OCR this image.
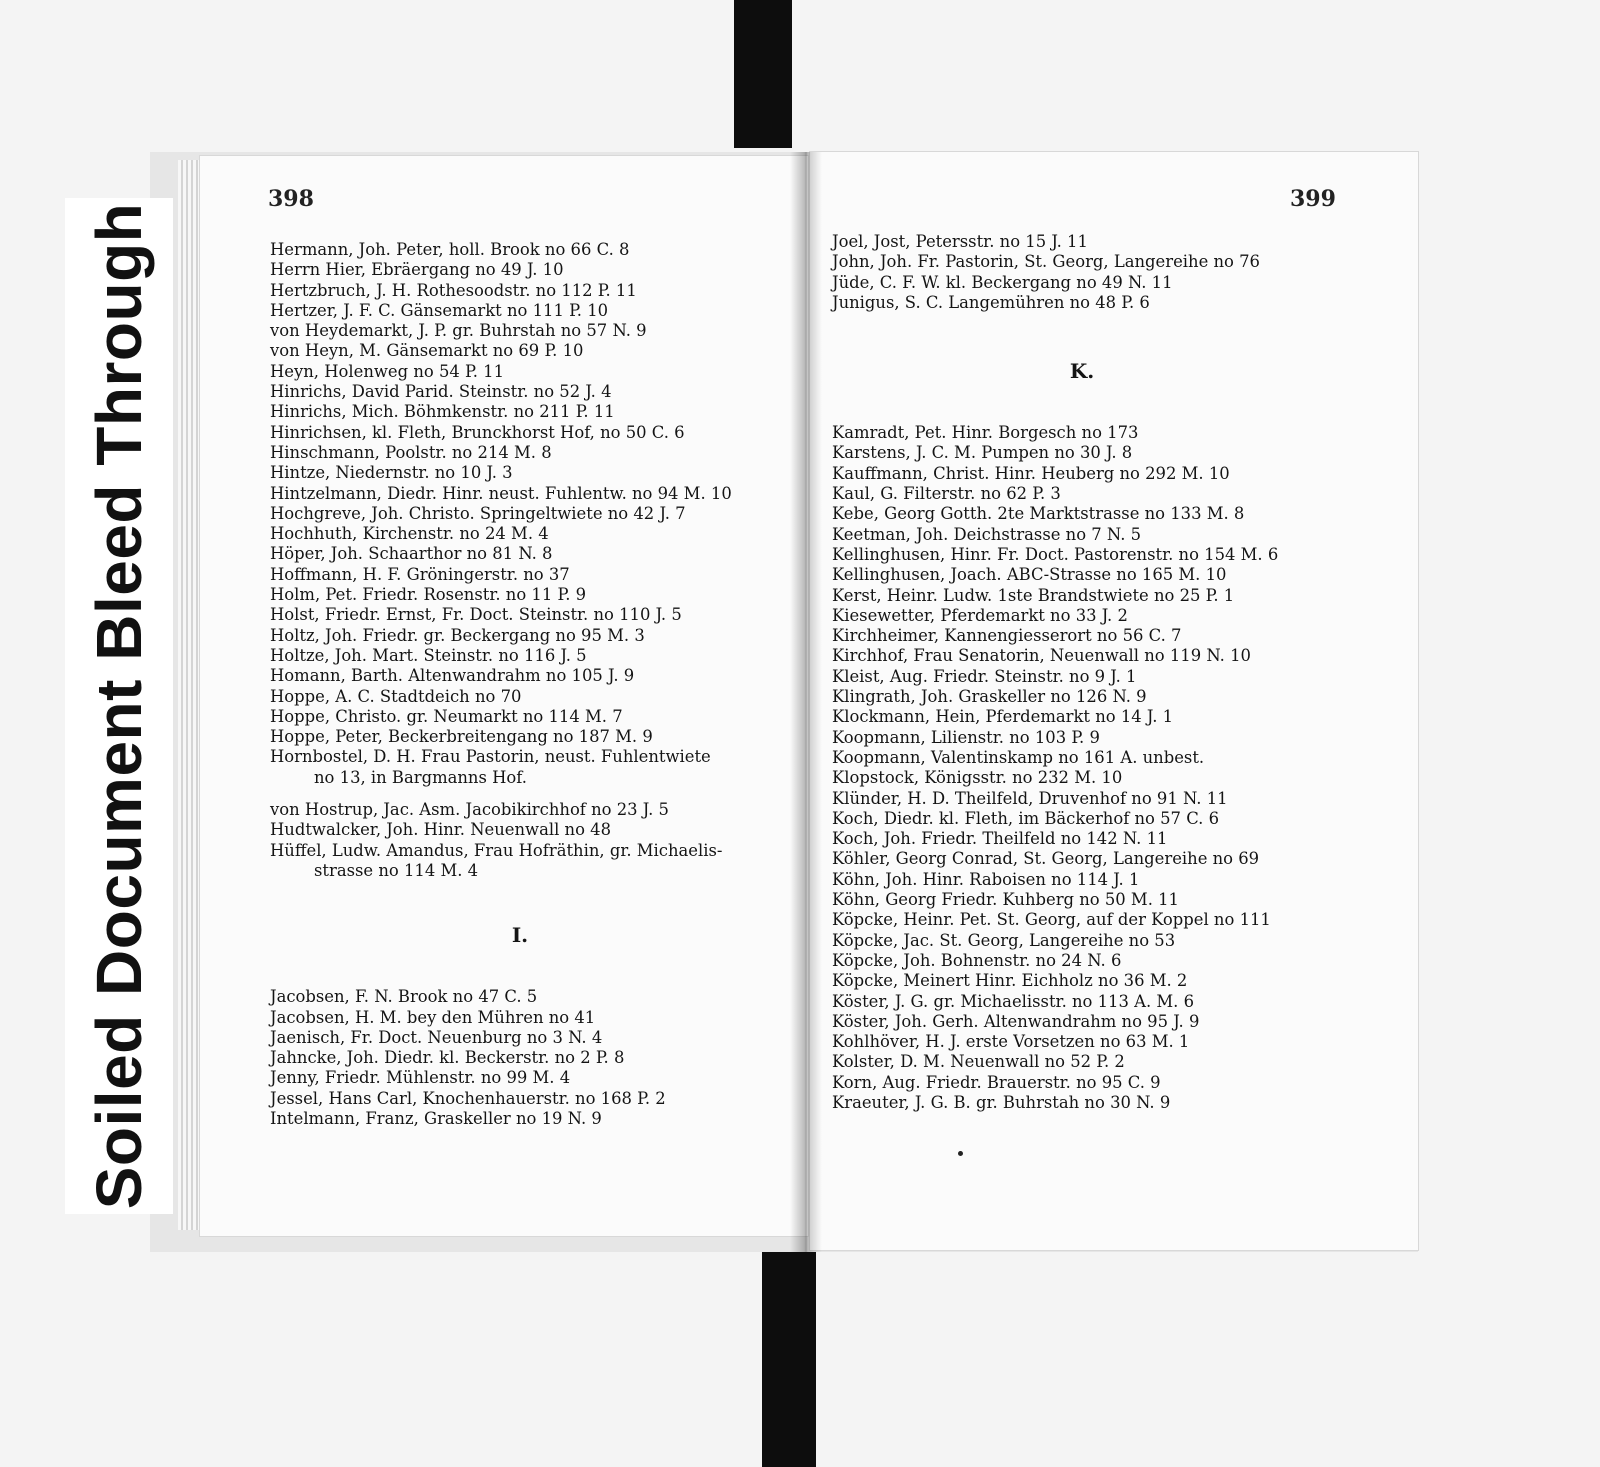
Soiled Document Bleed Through
398	399
Hermann, Joh. Peter, holl. Brook no 66 C. 8
Herrn Hier, Ebräergang no 49 J. 10
Hertzbruch, J. H. Rothesoodstr. no 112 P. 11
Hertzer, J. F. C. Gänsemarkt no 111 P. 10
von Heydemarkt, J. P. gr. Buhrstah no 57 N. 9
von Heyn, M. Gänsemarkt no 69 P. 10
Heyn, Holenweg no 54 P. 11
Hinrichs, David Parid. Steinstr. no 52 J. 4
Hinrichs, Mich. Böhmkenstr. no 211 P. 11
Hinrichsen, kl. Fleth, Brunckhorst Hof, no 50 C. 6
Hinschmann, Poolstr. no 214 M. 8
Hintze, Niedernstr. no 10 J. 3
Hintzelmann, Diedr. Hinr. neust. Fuhlentw. no 94 M. 10
Hochgreve, Joh. Christo. Springeltwiete no 42 J. 7
Hochhuth, Kirchenstr. no 24 M. 4
Höper, Joh. Schaarthor no 81 N. 8
Hoffmann, H. F. Gröningerstr. no 37
Holm, Pet. Friedr. Rosenstr. no 11 P. 9
Holst, Friedr. Ernst, Fr. Doct. Steinstr. no 110 J. 5
Holtz, Joh. Friedr. gr. Beckergang no 95 M. 3
Holtze, Joh. Mart. Steinstr. no 116 J. 5
Homann, Barth. Altenwandrahm no 105 J. 9
Hoppe, A. C. Stadtdeich no 70
Hoppe, Christo. gr. Neumarkt no 114 M. 7
Hoppe, Peter, Beckerbreitengang no 187 M. 9
Hornbostel, D. H. Frau Pastorin, neust. Fuhlentwiete
no 13, in Bargmanns Hof.
von Hostrup, Jac. Asm. Jacobikirchhof no 23 J. 5
Hudtwalcker, Joh. Hinr. Neuenwall no 48
Hüffel, Ludw. Amandus, Frau Hofräthin, gr. Michaelis-
strasse no 114 M. 4
I.
Jacobsen, F. N. Brook no 47 C. 5
Jacobsen, H. M. bey den Mühren no 41
Jaenisch, Fr. Doct. Neuenburg no 3 N. 4
Jahncke, Joh. Diedr. kl. Beckerstr. no 2 P. 8
Jenny, Friedr. Mühlenstr. no 99 M. 4
Jessel, Hans Carl, Knochenhauerstr. no 168 P. 2
Intelmann, Franz, Graskeller no 19 N. 9
Joel, Jost, Petersstr. no 15 J. 11
John, Joh. Fr. Pastorin, St. Georg, Langereihe no 76
Jüde, C. F. W. kl. Beckergang no 49 N. 11
Junigus, S. C. Langemühren no 48 P. 6
K.
Kamradt, Pet. Hinr. Borgesch no 173
Karstens, J. C. M. Pumpen no 30 J. 8
Kauffmann, Christ. Hinr. Heuberg no 292 M. 10
Kaul, G. Filterstr. no 62 P. 3
Kebe, Georg Gotth. 2te Marktstrasse no 133 M. 8
Keetman, Joh. Deichstrasse no 7 N. 5
Kellinghusen, Hinr. Fr. Doct. Pastorenstr. no 154 M. 6
Kellinghusen, Joach. ABC-Strasse no 165 M. 10
Kerst, Heinr. Ludw. 1ste Brandstwiete no 25 P. 1
Kiesewetter, Pferdemarkt no 33 J. 2
Kirchheimer, Kannengiesserort no 56 C. 7
Kirchhof, Frau Senatorin, Neuenwall no 119 N. 10
Kleist, Aug. Friedr. Steinstr. no 9 J. 1
Klingrath, Joh. Graskeller no 126 N. 9
Klockmann, Hein, Pferdemarkt no 14 J. 1
Koopmann, Lilienstr. no 103 P. 9
Koopmann, Valentinskamp no 161 A. unbest.
Klopstock, Königsstr. no 232 M. 10
Klünder, H. D. Theilfeld, Druvenhof no 91 N. 11
Koch, Diedr. kl. Fleth, im Bäckerhof no 57 C. 6
Koch, Joh. Friedr. Theilfeld no 142 N. 11
Köhler, Georg Conrad, St. Georg, Langereihe no 69
Köhn, Joh. Hinr. Raboisen no 114 J. 1
Köhn, Georg Friedr. Kuhberg no 50 M. 11
Köpcke, Heinr. Pet. St. Georg, auf der Koppel no 111
Köpcke, Jac. St. Georg, Langereihe no 53
Köpcke, Joh. Bohnenstr. no 24 N. 6
Köpcke, Meinert Hinr. Eichholz no 36 M. 2
Köster, J. G. gr. Michaelisstr. no 113 A. M. 6
Köster, Joh. Gerh. Altenwandrahm no 95 J. 9
Kohlhöver, H. J. erste Vorsetzen no 63 M. 1
Kolster, D. M. Neuenwall no 52 P. 2
Korn, Aug. Friedr. Brauerstr. no 95 C. 9
Kraeuter, J. G. B. gr. Buhrstah no 30 N. 9
